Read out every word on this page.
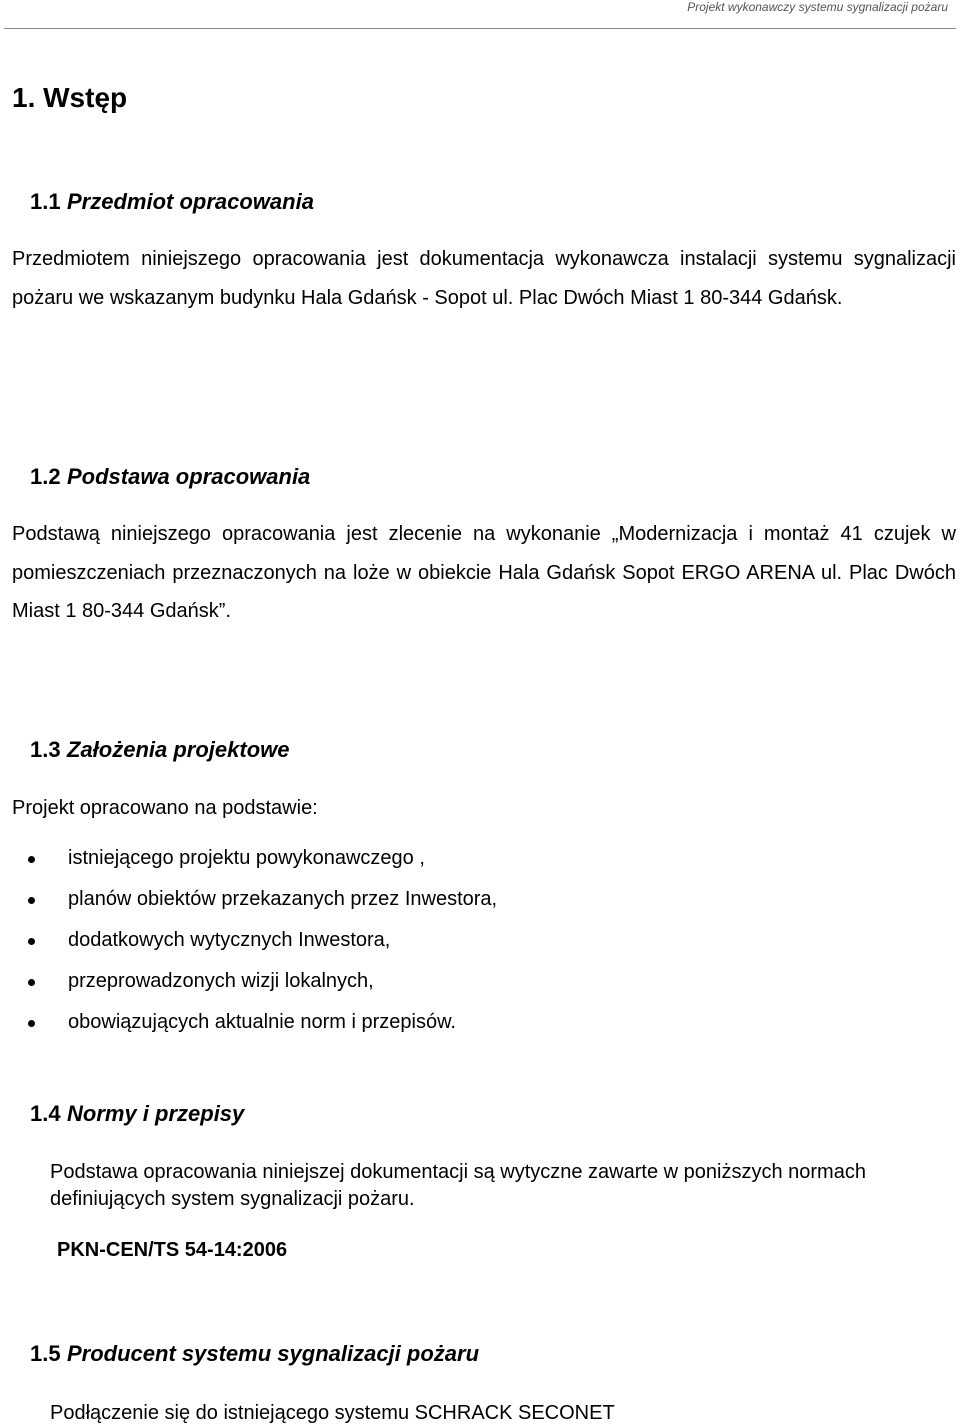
Projekt wykonawczy systemu sygnalizacji pożaru
1. Wstęp
1.1 Przedmiot opracowania
Przedmiotem niniejszego opracowania jest dokumentacja wykonawcza instalacji systemu sygnalizacji pożaru we wskazanym budynku Hala Gdańsk - Sopot ul. Plac Dwóch Miast 1 80-344 Gdańsk.
1.2 Podstawa opracowania
Podstawą niniejszego opracowania jest zlecenie na wykonanie „Modernizacja i montaż 41 czujek w pomieszczeniach przeznaczonych na loże w obiekcie Hala Gdańsk Sopot ERGO ARENA ul. Plac Dwóch Miast 1 80-344 Gdańsk”.
1.3 Założenia projektowe
Projekt opracowano na podstawie:
istniejącego projektu powykonawczego ,
planów obiektów przekazanych przez Inwestora,
dodatkowych wytycznych Inwestora,
przeprowadzonych wizji lokalnych,
obowiązujących aktualnie norm i przepisów.
1.4 Normy i przepisy
Podstawa opracowania niniejszej dokumentacji są wytyczne zawarte w poniższych normach definiujących system sygnalizacji pożaru.
PKN-CEN/TS 54-14:2006
1.5 Producent systemu sygnalizacji pożaru
Podłączenie się do istniejącego systemu SCHRACK SECONET
